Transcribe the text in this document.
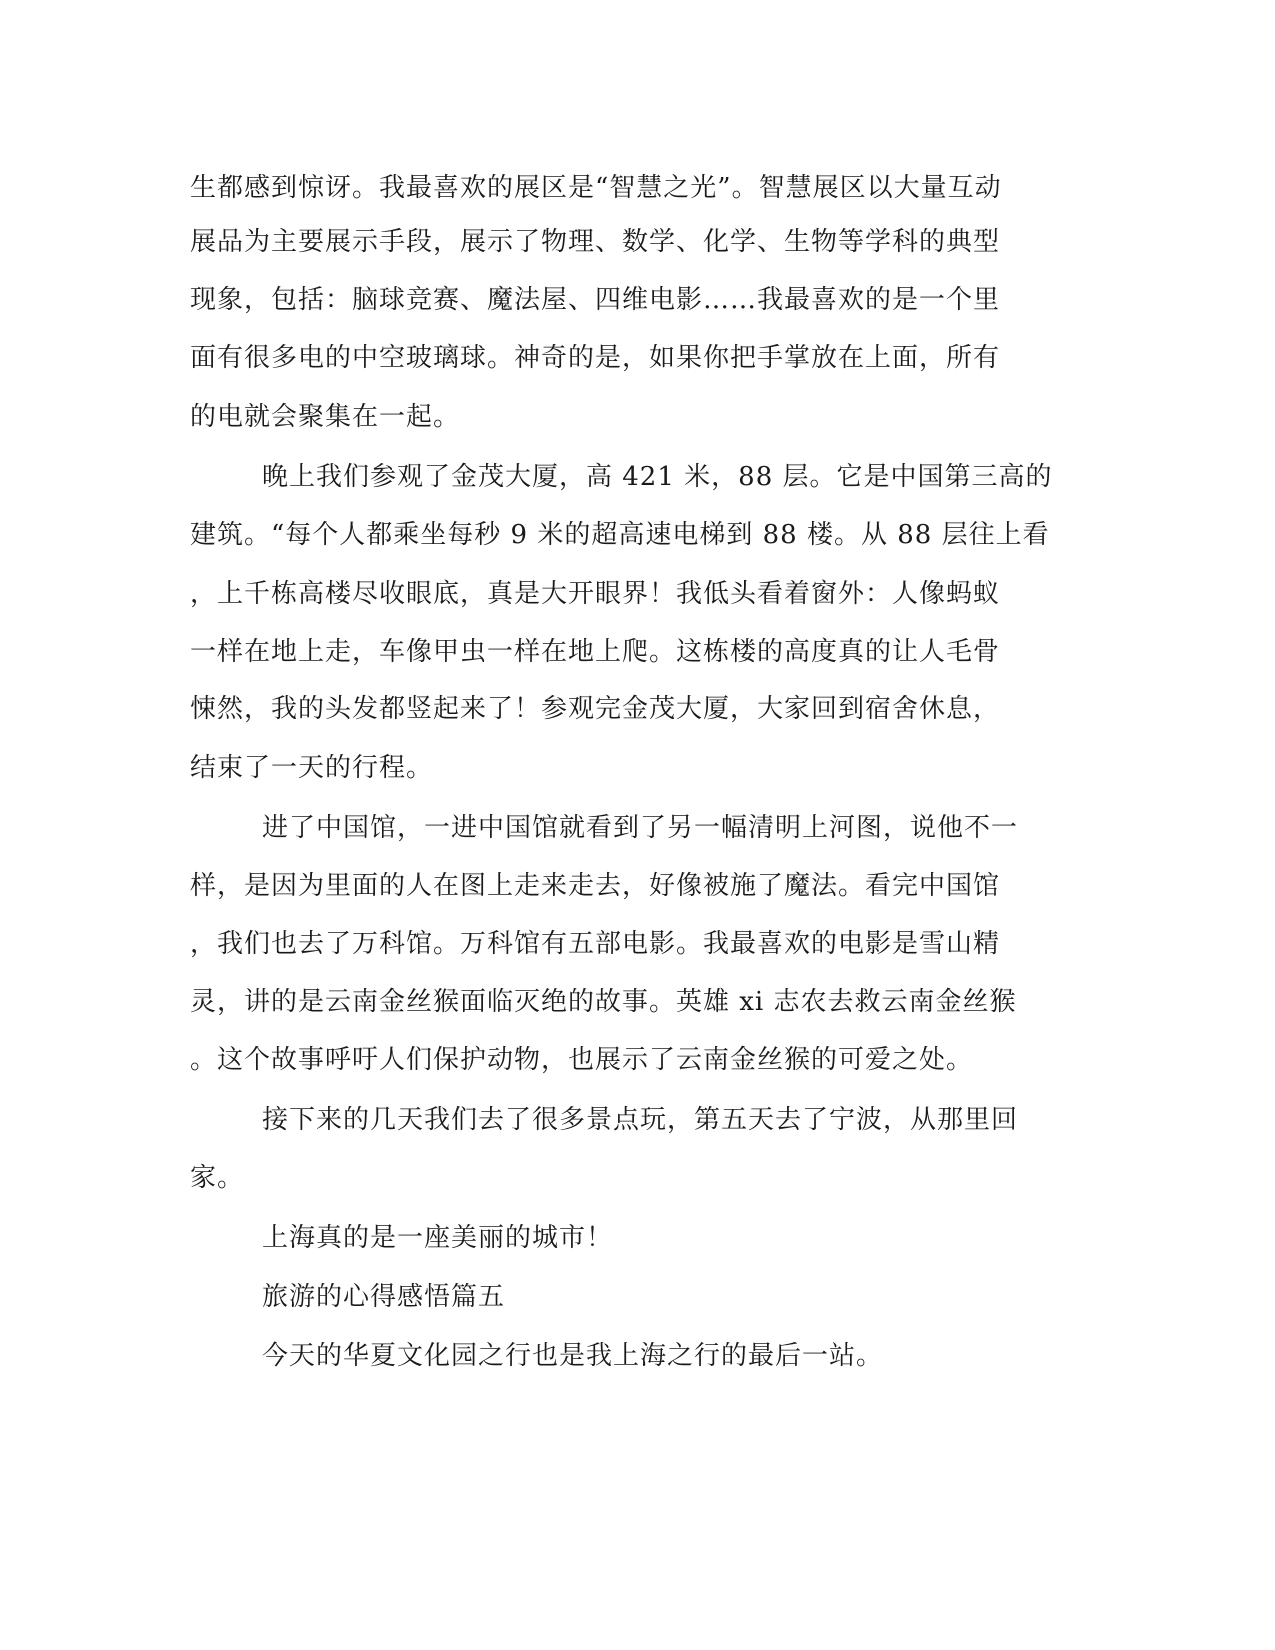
生都感到惊讶。我最喜欢的展区是“智慧之光”。智慧展区以大量互动

展品为主要展示手段，展示了物理、数学、化学、生物等学科的典型

现象，包括：脑球竞赛、魔法屋、四维电影……我最喜欢的是一个里

面有很多电的中空玻璃球。神奇的是，如果你把手掌放在上面，所有

的电就会聚集在一起。

晚上我们参观了金茂大厦，高 421 米，88 层。它是中国第三高的

建筑。“每个人都乘坐每秒 9 米的超高速电梯到 88 楼。从 88 层往上看

，上千栋高楼尽收眼底，真是大开眼界！我低头看着窗外：人像蚂蚁

一样在地上走，车像甲虫一样在地上爬。这栋楼的高度真的让人毛骨

悚然，我的头发都竖起来了！参观完金茂大厦，大家回到宿舍休息，

结束了一天的行程。

进了中国馆，一进中国馆就看到了另一幅清明上河图，说他不一

样，是因为里面的人在图上走来走去，好像被施了魔法。看完中国馆

，我们也去了万科馆。万科馆有五部电影。我最喜欢的电影是雪山精

灵，讲的是云南金丝猴面临灭绝的故事。英雄 xi 志农去救云南金丝猴

。这个故事呼吁人们保护动物，也展示了云南金丝猴的可爱之处。

接下来的几天我们去了很多景点玩，第五天去了宁波，从那里回

家。

上海真的是一座美丽的城市！

旅游的心得感悟篇五

今天的华夏文化园之行也是我上海之行的最后一站。
